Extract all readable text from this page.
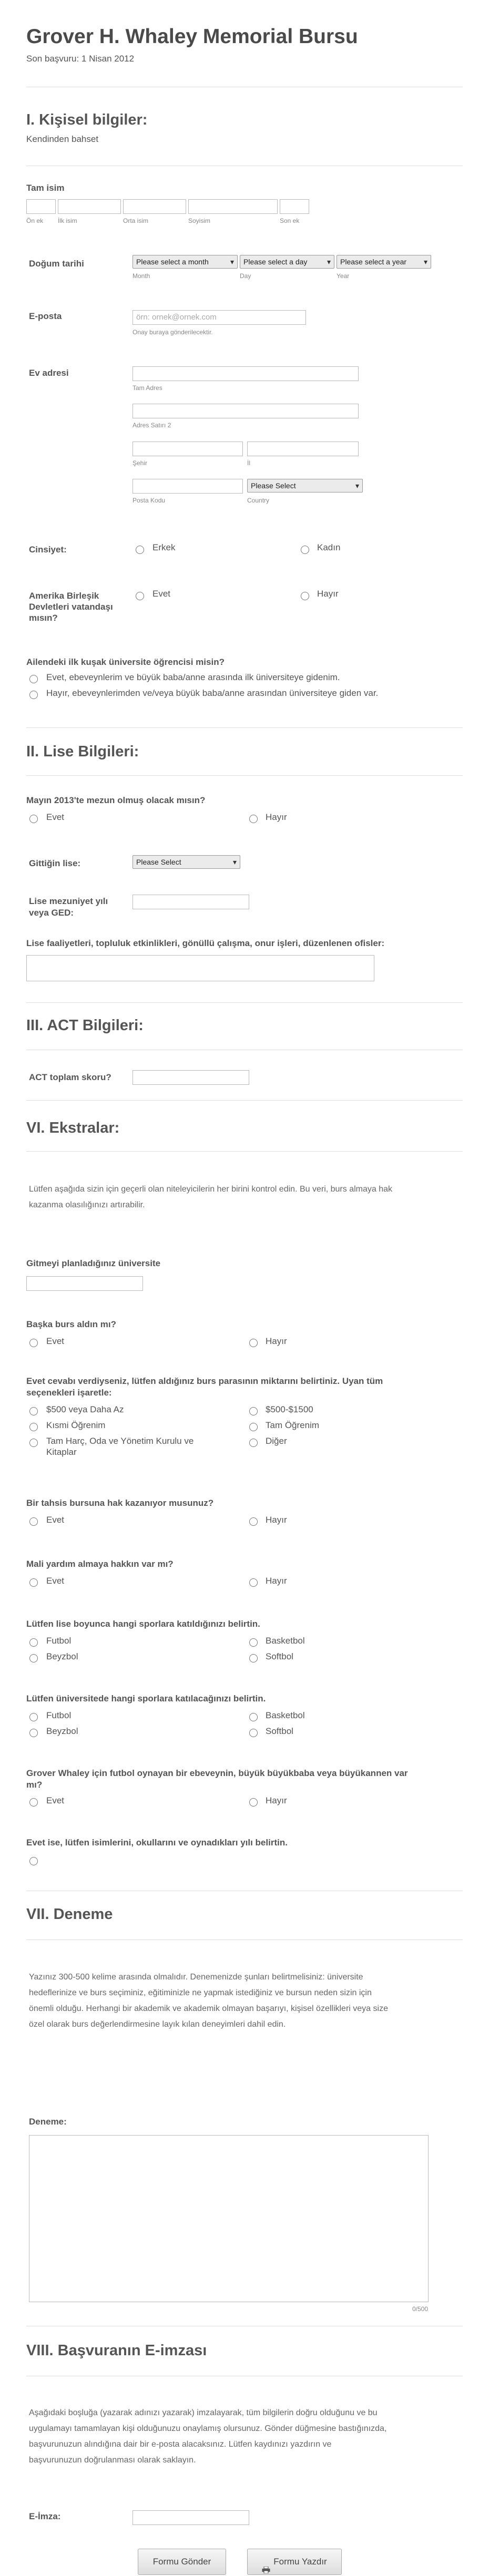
Grover H. Whaley Memorial Bursu
Son başvuru: 1 Nisan 2012
I. Kişisel bilgiler:
Kendinden bahset
Tam isim
Ön ek İlk isim	Orta isim	Soyisim	Son ek
Doğum tarihi	Please select a month ▾	Please select a day ▾	Please select a year ▾
Month	Day	Year
E-posta	örn: ornek@ornek.com
Onay buraya gönderilecektir.
Ev adresi
Tam Adres
Adres Satırı 2
Şehir	İl
Please Select ▾
Posta Kodu	Country
Cinsiyet:	Erkek	Kadın
Amerika Birleşik
Devletleri vatandaşı
mısın?
Evet	Hayır
Ailendeki ilk kuşak üniversite öğrencisi misin?
Evet, ebeveynlerim ve büyük baba/anne arasında ilk üniversiteye gidenim.
Hayır, ebeveynlerimden ve/veya büyük baba/anne arasından üniversiteye giden var.
II. Lise Bilgileri:
Mayın 2013'te mezun olmuş olacak mısın?
Evet	Hayır
Gittiğin lise:	Please Select ▾
Lise mezuniyet yılı
veya GED:
Lise faaliyetleri, topluluk etkinlikleri, gönüllü çalışma, onur işleri, düzenlenen ofisler:
III. ACT Bilgileri:
ACT toplam skoru?
VI. Ekstralar:
Lütfen aşağıda sizin için geçerli olan niteleyicilerin her birini kontrol edin. Bu veri, burs almaya hak
kazanma olasılığınızı artırabilir.
Gitmeyi planladığınız üniversite
Başka burs aldın mı?
Evet	Hayır
Evet cevabı verdiyseniz, lütfen aldığınız burs parasının miktarını belirtiniz. Uyan tüm
seçenekleri işaretle:
$500 veya Daha Az
Kısmi Öğrenim
Tam Harç, Oda ve Yönetim Kurulu ve
Kitaplar
$500-$1500
Tam Öğrenim
Diğer
Bir tahsis bursuna hak kazanıyor musunuz?
Evet	Hayır
Mali yardım almaya hakkın var mı?
Evet	Hayır
Lütfen lise boyunca hangi sporlara katıldığınızı belirtin.
Futbol	Basketbol
Beyzbol	Softbol
Lütfen üniversitede hangi sporlara katılacağınızı belirtin.
Futbol	Basketbol
Beyzbol	Softbol
Grover Whaley için futbol oynayan bir ebeveynin, büyük büyükbaba veya büyükannen var
mı?
Evet	Hayır
Evet ise, lütfen isimlerini, okullarını ve oynadıkları yılı belirtin.
VII. Deneme
Yazınız 300-500 kelime arasında olmalıdır. Denemenizde şunları belirtmelisiniz: üniversite
hedeflerinize ve burs seçiminiz, eğitiminizle ne yapmak istediğiniz ve bursun neden sizin için
önemli olduğu. Herhangi bir akademik ve akademik olmayan başarıyı, kişisel özellikleri veya size
özel olarak burs değerlendirmesine layık kılan deneyimleri dahil edin.
Deneme:
0/500
VIII. Başvuranın E-imzası
Aşağıdaki boşluğa (yazarak adınızı yazarak) imzalayarak, tüm bilgilerin doğru olduğunu ve bu
uygulamayı tamamlayan kişi olduğunuzu onaylamış olursunuz. Gönder düğmesine bastığınızda,
başvurunuzun alındığına dair bir e-posta alacaksınız. Lütfen kaydınızı yazdırın ve
başvurunuzun doğrulanması olarak saklayın.
E-İmza:
Formu Gönder	Formu Yazdır
